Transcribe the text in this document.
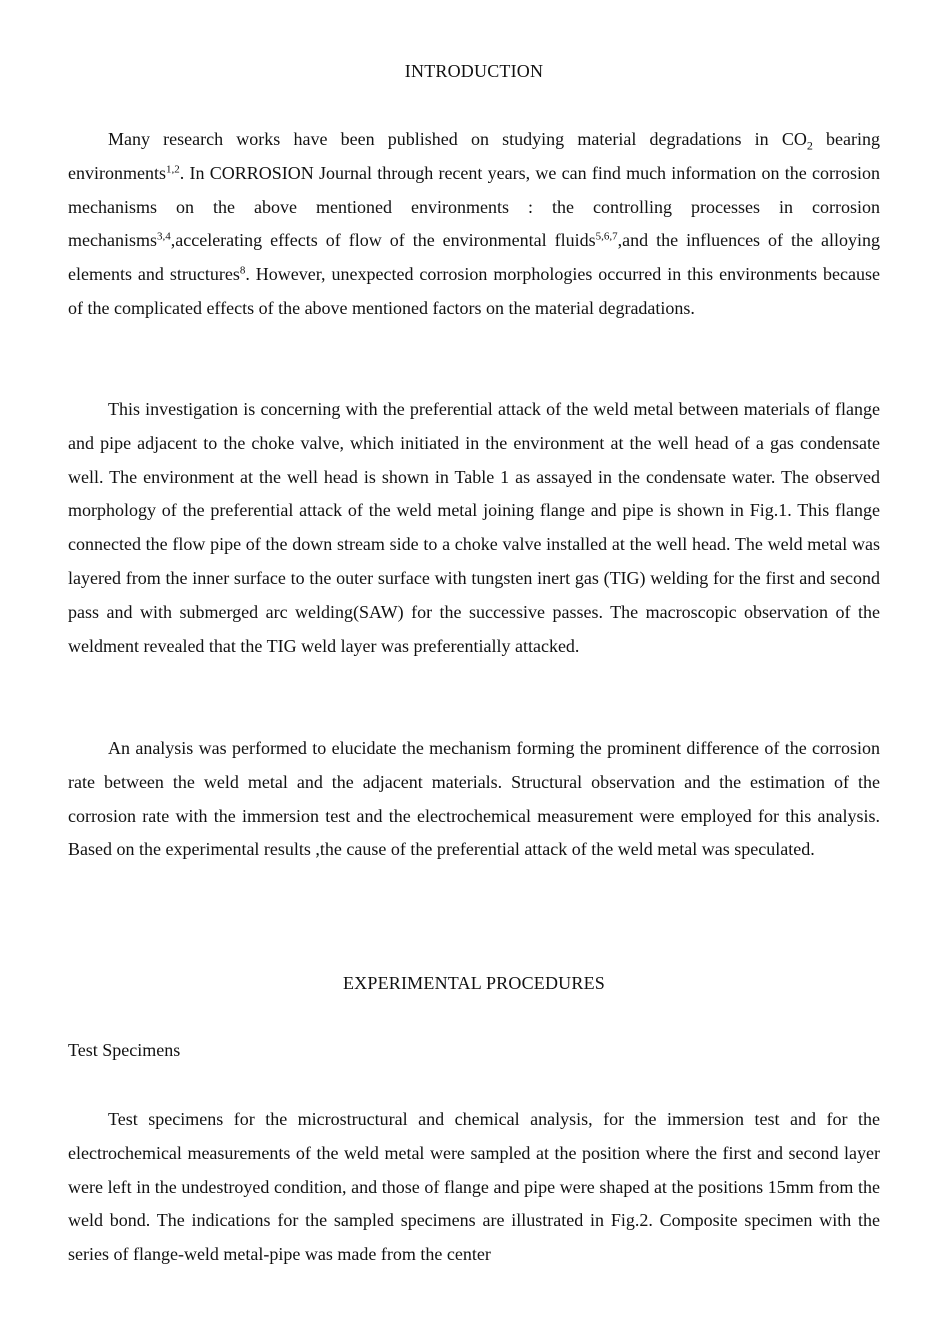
INTRODUCTION

Many research works have been published on studying material degradations in $CO_2$ bearing environments$^{1,2}$. In CORROSION Journal through recent years, we can find much information on the corrosion mechanisms on the above mentioned environments : the controlling processes in corrosion mechanisms$^{3,4}$,accelerating effects of flow of the environmental fluids$^{5,6,7}$,and the influences of the alloying elements and structures$^8$. However, unexpected corrosion morphologies occurred in this environments because of the complicated effects of the above mentioned factors on the material degradations.

This investigation is concerning with the preferential attack of the weld metal between materials of flange and pipe adjacent to the choke valve, which initiated in the environment at the well head of a gas condensate well. The environment at the well head is shown in Table 1 as assayed in the condensate water. The observed morphology of the preferential attack of the weld metal joining flange and pipe is shown in Fig.1. This flange connected the flow pipe of the down stream side to a choke valve installed at the well head. The weld metal was layered from the inner surface to the outer surface with tungsten inert gas (TIG) welding for the first and second pass and with submerged arc welding(SAW) for the successive passes. The macroscopic observation of the weldment revealed that the TIG weld layer was preferentially attacked.

An analysis was performed to elucidate the mechanism forming the prominent difference of the corrosion rate between the weld metal and the adjacent materials. Structural observation and the estimation of the corrosion rate with the immersion test and the electrochemical measurement were employed for this analysis. Based on the experimental results ,the cause of the preferential attack of the weld metal was speculated.

EXPERIMENTAL PROCEDURES
Test Specimens

Test specimens for the microstructural and chemical analysis, for the immersion test and for the electrochemical measurements of the weld metal were sampled at the position where the first and second layer were left in the undestroyed condition, and those of flange and pipe were shaped at the positions 15mm from the weld bond. The indications for the sampled specimens are illustrated in Fig.2. Composite specimen with the series of flange-weld metal-pipe was made from the center
